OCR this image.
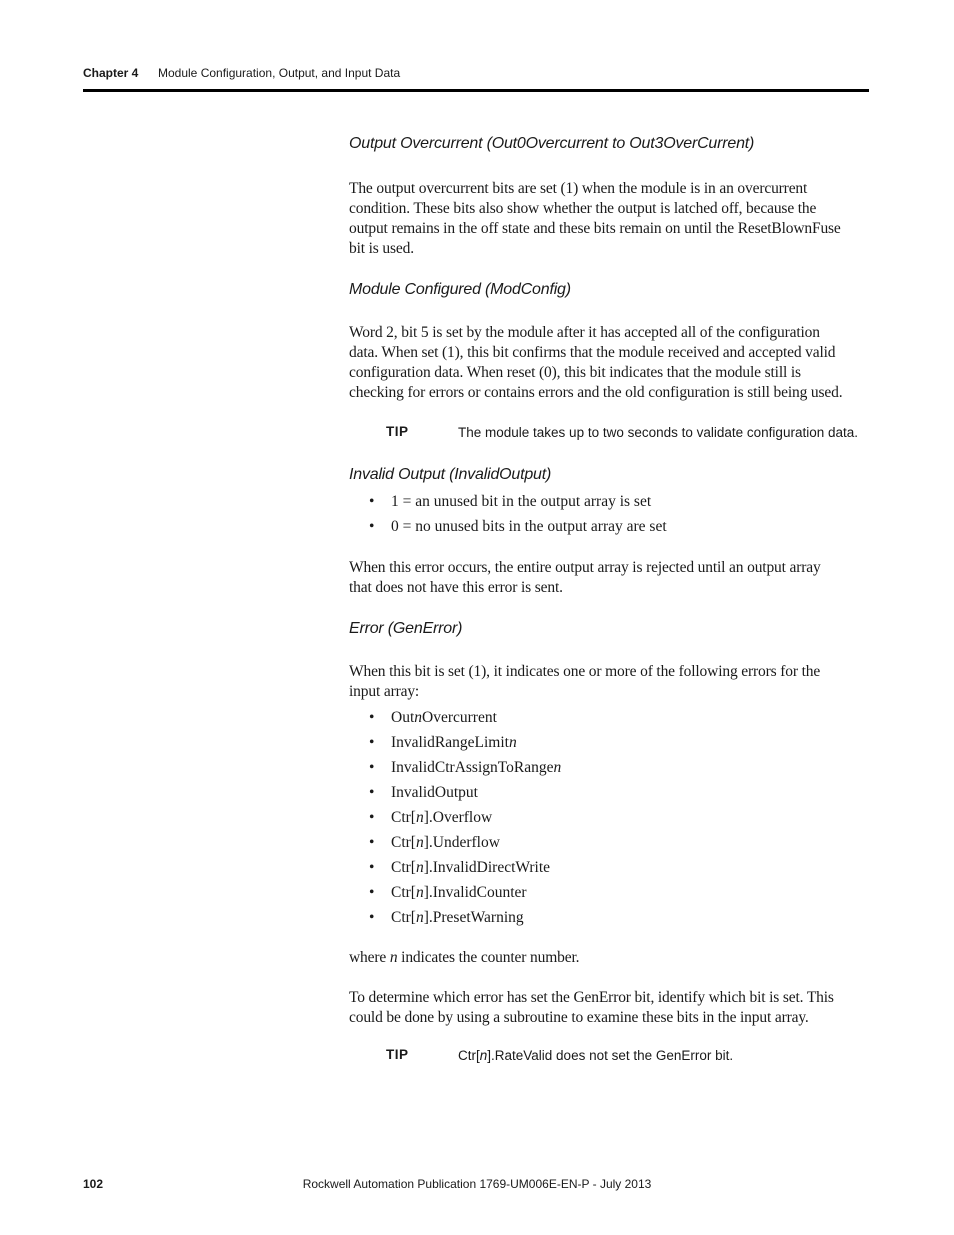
Chapter 4 Module Configuration, Output, and Input Data
Output Overcurrent (Out0Overcurrent to Out3OverCurrent)
The output overcurrent bits are set (1) when the module is in an overcurrent
condition. These bits also show whether the output is latched off, because the
output remains in the off state and these bits remain on until the ResetBlownFuse
bit is used.
Module Configured (ModConfig)
Word 2, bit 5 is set by the module after it has accepted all of the configuration
data. When set (1), this bit confirms that the module received and accepted valid
configuration data. When reset (0), this bit indicates that the module still is
checking for errors or contains errors and the old configuration is still being used.
Invalid Output (InvalidOutput)
• 1 = an unused bit in the output array is set
• 0 = no unused bits in the output array are set
When this error occurs, the entire output array is rejected until an output array
that does not have this error is sent.
Error (GenError)
When this bit is set (1), it indicates one or more of the following errors for the
input array:
• OutnOvercurrent
• InvalidRangeLimitn
• InvalidCtrAssignToRangen
• InvalidOutput
• Ctr[n].Overflow
• Ctr[n].Underflow
• Ctr[n].InvalidDirectWrite
• Ctr[n].InvalidCounter
• Ctr[n].PresetWarning
where n indicates the counter number.
To determine which error has set the GenError bit, identify which bit is set. This
could be done by using a subroutine to examine these bits in the input array.
TIP	The module takes up to two seconds to validate configuration data.
TIP	Ctr[n].RateValid does not set the GenError bit.
102	Rockwell Automation Publication 1769-UM006E-EN-P - July 2013
